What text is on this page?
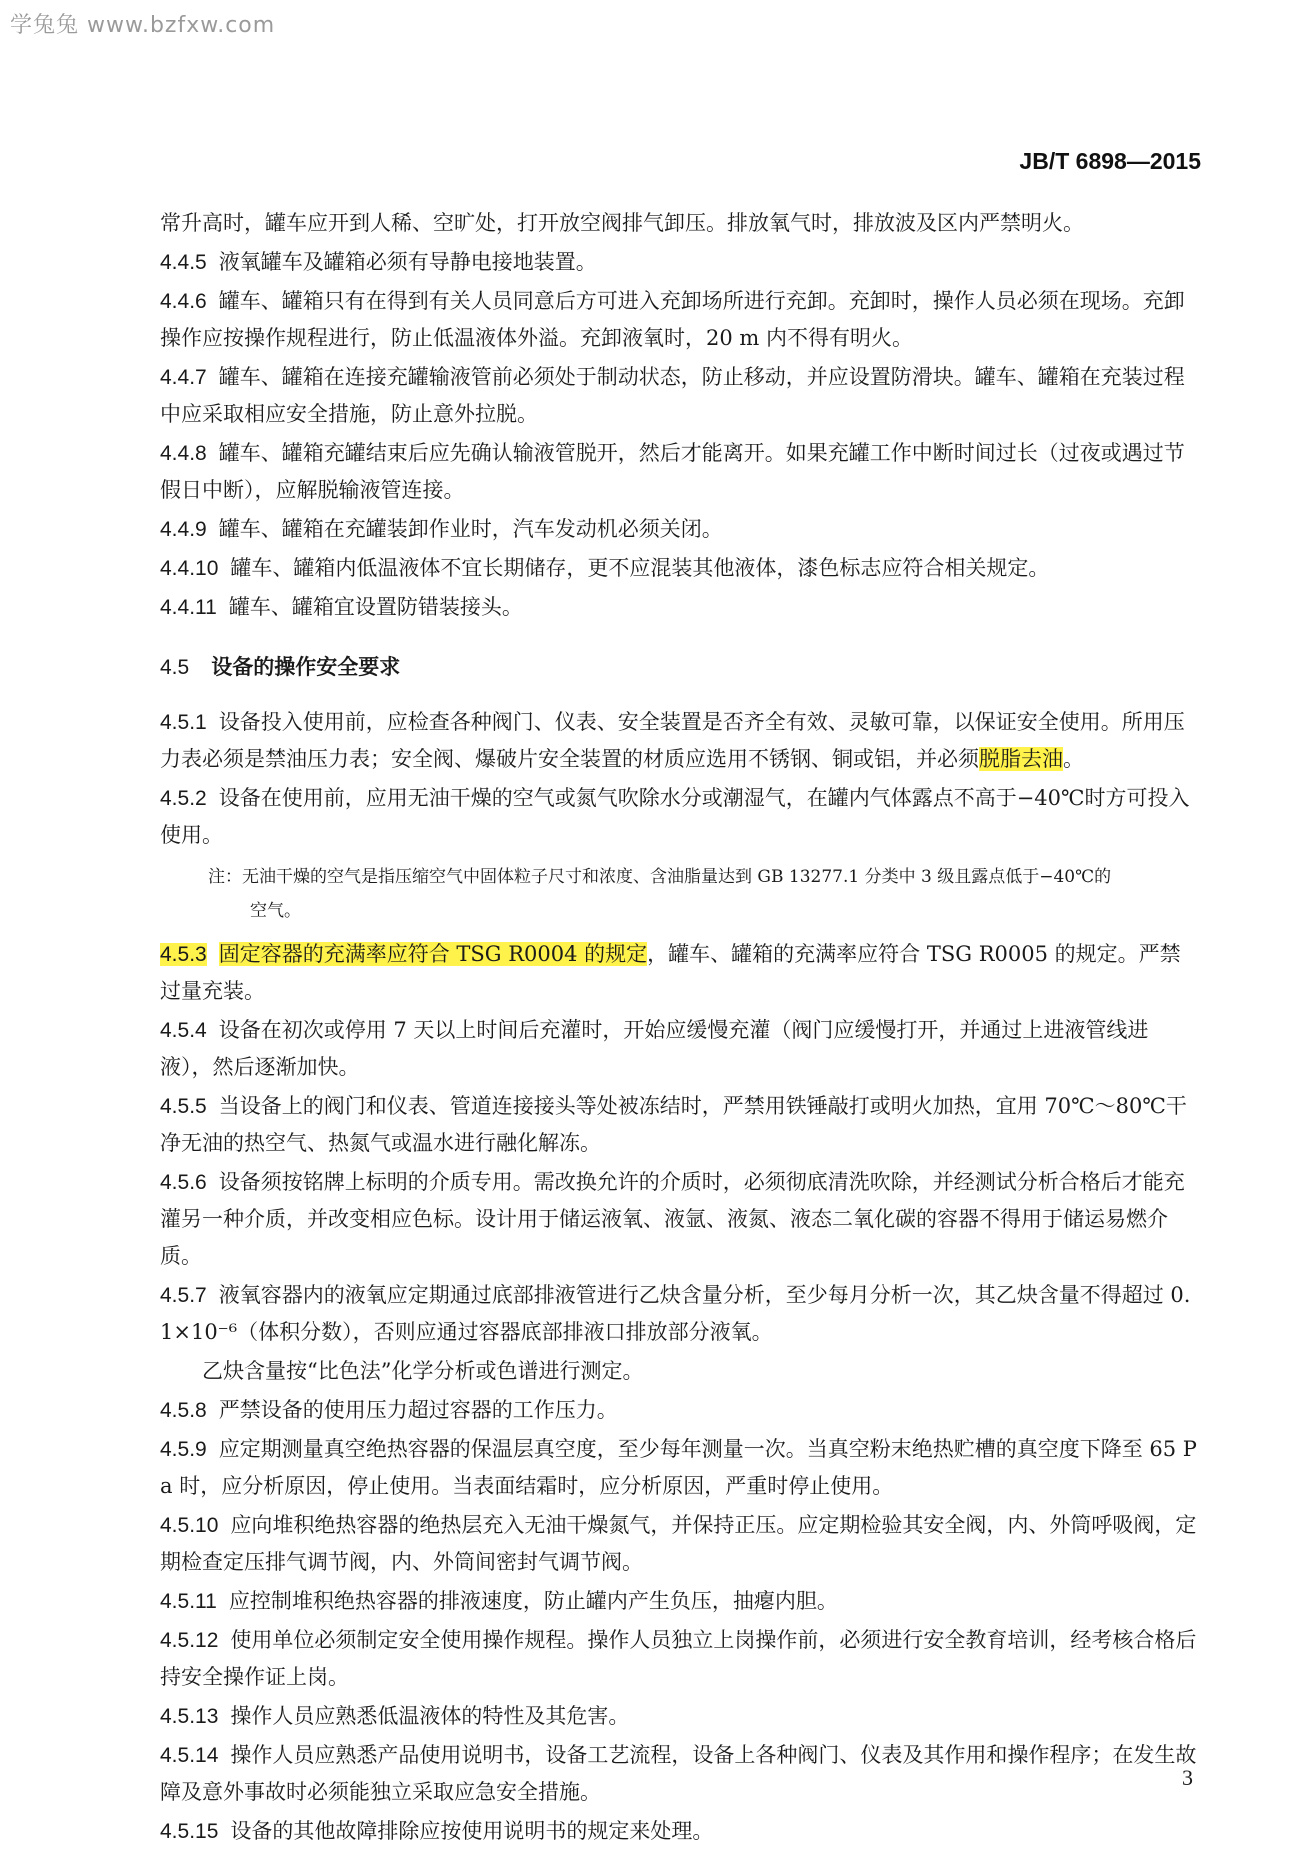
学兔兔 www.bzfxw.com
JB/T 6898—2015

常升高时，罐车应开到人稀、空旷处，打开放空阀排气卸压。排放氧气时，排放波及区内严禁明火。

4.4.5 液氧罐车及罐箱必须有导静电接地装置。

4.4.6 罐车、罐箱只有在得到有关人员同意后方可进入充卸场所进行充卸。充卸时，操作人员必须在现场。充卸操作应按操作规程进行，防止低温液体外溢。充卸液氧时，20 m 内不得有明火。

4.4.7 罐车、罐箱在连接充罐输液管前必须处于制动状态，防止移动，并应设置防滑块。罐车、罐箱在充装过程中应采取相应安全措施，防止意外拉脱。

4.4.8 罐车、罐箱充罐结束后应先确认输液管脱开，然后才能离开。如果充罐工作中断时间过长（过夜或遇过节假日中断），应解脱输液管连接。

4.4.9 罐车、罐箱在充罐装卸作业时，汽车发动机必须关闭。

4.4.10 罐车、罐箱内低温液体不宜长期储存，更不应混装其他液体，漆色标志应符合相关规定。

4.4.11 罐车、罐箱宜设置防错装接头。

4.5 设备的操作安全要求

4.5.1 设备投入使用前，应检查各种阀门、仪表、安全装置是否齐全有效、灵敏可靠，以保证安全使用。所用压力表必须是禁油压力表；安全阀、爆破片安全装置的材质应选用不锈钢、铜或铝，并必须脱脂去油。

4.5.2 设备在使用前，应用无油干燥的空气或氮气吹除水分或潮湿气，在罐内气体露点不高于−40℃时方可投入使用。

注：无油干燥的空气是指压缩空气中固体粒子尺寸和浓度、含油脂量达到 GB 13277.1 分类中 3 级且露点低于−40℃的
空气。

4.5.3 固定容器的充满率应符合 TSG R0004 的规定，罐车、罐箱的充满率应符合 TSG R0005 的规定。严禁过量充装。

4.5.4 设备在初次或停用 7 天以上时间后充灌时，开始应缓慢充灌（阀门应缓慢打开，并通过上进液管线进液），然后逐渐加快。

4.5.5 当设备上的阀门和仪表、管道连接接头等处被冻结时，严禁用铁锤敲打或明火加热，宜用 70℃～80℃干净无油的热空气、热氮气或温水进行融化解冻。

4.5.6 设备须按铭牌上标明的介质专用。需改换允许的介质时，必须彻底清洗吹除，并经测试分析合格后才能充灌另一种介质，并改变相应色标。设计用于储运液氧、液氩、液氮、液态二氧化碳的容器不得用于储运易燃介质。

4.5.7 液氧容器内的液氧应定期通过底部排液管进行乙炔含量分析，至少每月分析一次，其乙炔含量不得超过 0.1×10⁻⁶（体积分数），否则应通过容器底部排液口排放部分液氧。

乙炔含量按“比色法”化学分析或色谱进行测定。

4.5.8 严禁设备的使用压力超过容器的工作压力。

4.5.9 应定期测量真空绝热容器的保温层真空度，至少每年测量一次。当真空粉末绝热贮槽的真空度下降至 65 Pa 时，应分析原因，停止使用。当表面结霜时，应分析原因，严重时停止使用。

4.5.10 应向堆积绝热容器的绝热层充入无油干燥氮气，并保持正压。应定期检验其安全阀，内、外筒呼吸阀，定期检查定压排气调节阀，内、外筒间密封气调节阀。

4.5.11 应控制堆积绝热容器的排液速度，防止罐内产生负压，抽瘪内胆。

4.5.12 使用单位必须制定安全使用操作规程。操作人员独立上岗操作前，必须进行安全教育培训，经考核合格后持安全操作证上岗。

4.5.13 操作人员应熟悉低温液体的特性及其危害。

4.5.14 操作人员应熟悉产品使用说明书，设备工艺流程，设备上各种阀门、仪表及其作用和操作程序；在发生故障及意外事故时必须能独立采取应急安全措施。

4.5.15 设备的其他故障排除应按使用说明书的规定来处理。

3
